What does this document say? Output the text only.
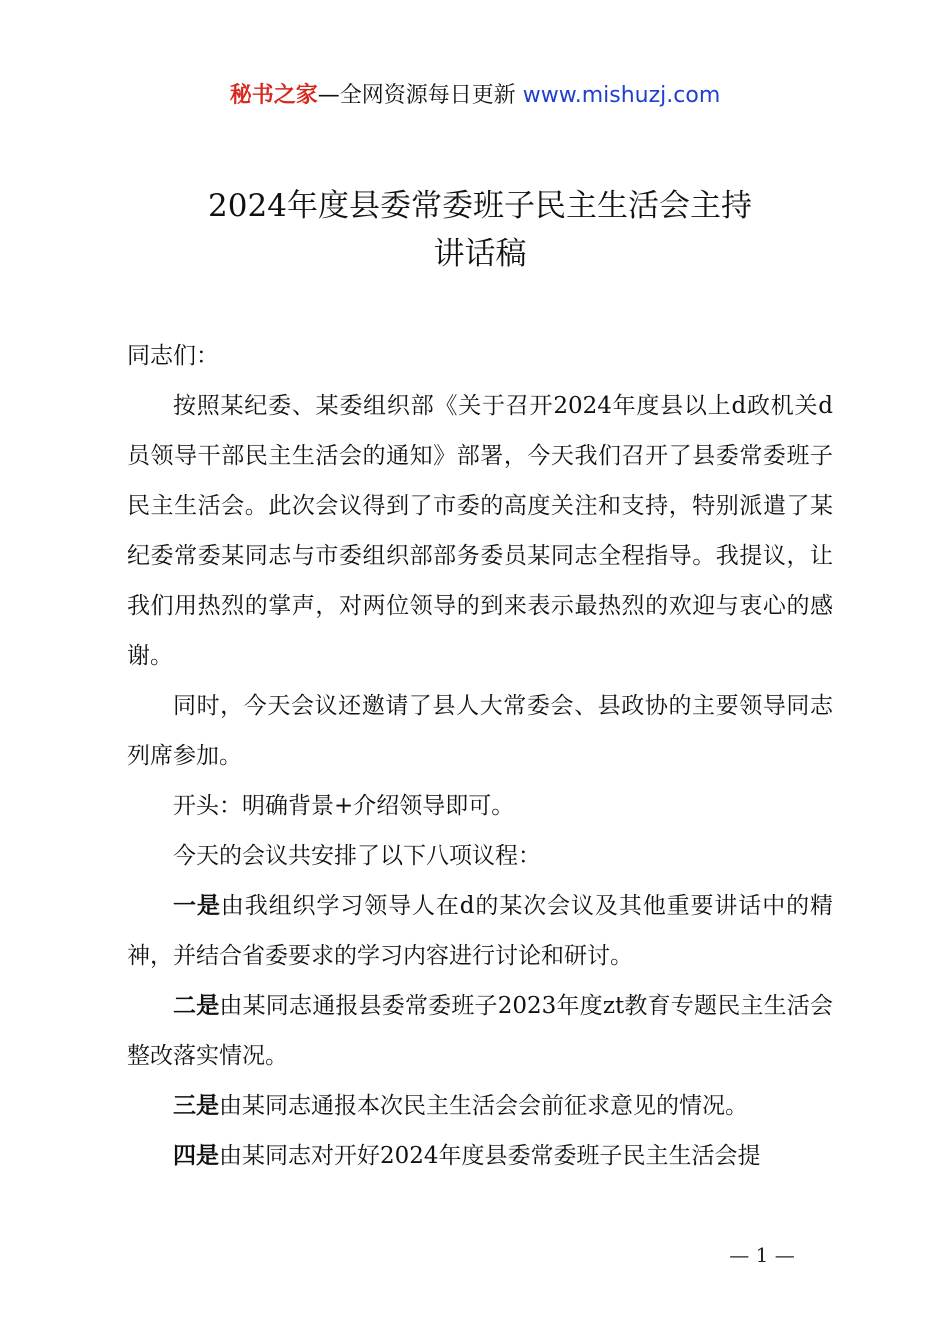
秘书之家—全网资源每日更新 www.mishuzj.com
2024年度县委常委班子民主生活会主持
讲话稿

同志们：

按照某纪委、某委组织部《关于召开2024年度县以上d政机关d员领导干部民主生活会的通知》部署，今天我们召开了县委常委班子民主生活会。此次会议得到了市委的高度关注和支持，特别派遣了某纪委常委某同志与市委组织部部务委员某同志全程指导。我提议，让我们用热烈的掌声，对两位领导的到来表示最热烈的欢迎与衷心的感谢。

同时，今天会议还邀请了县人大常委会、县政协的主要领导同志列席参加。

开头：明确背景+介绍领导即可。

今天的会议共安排了以下八项议程：

一是由我组织学习领导人在d的某次会议及其他重要讲话中的精神，并结合省委要求的学习内容进行讨论和研讨。

二是由某同志通报县委常委班子2023年度zt教育专题民主生活会整改落实情况。

三是由某同志通报本次民主生活会会前征求意见的情况。

四是由某同志对开好2024年度县委常委班子民主生活会提

— 1 —
